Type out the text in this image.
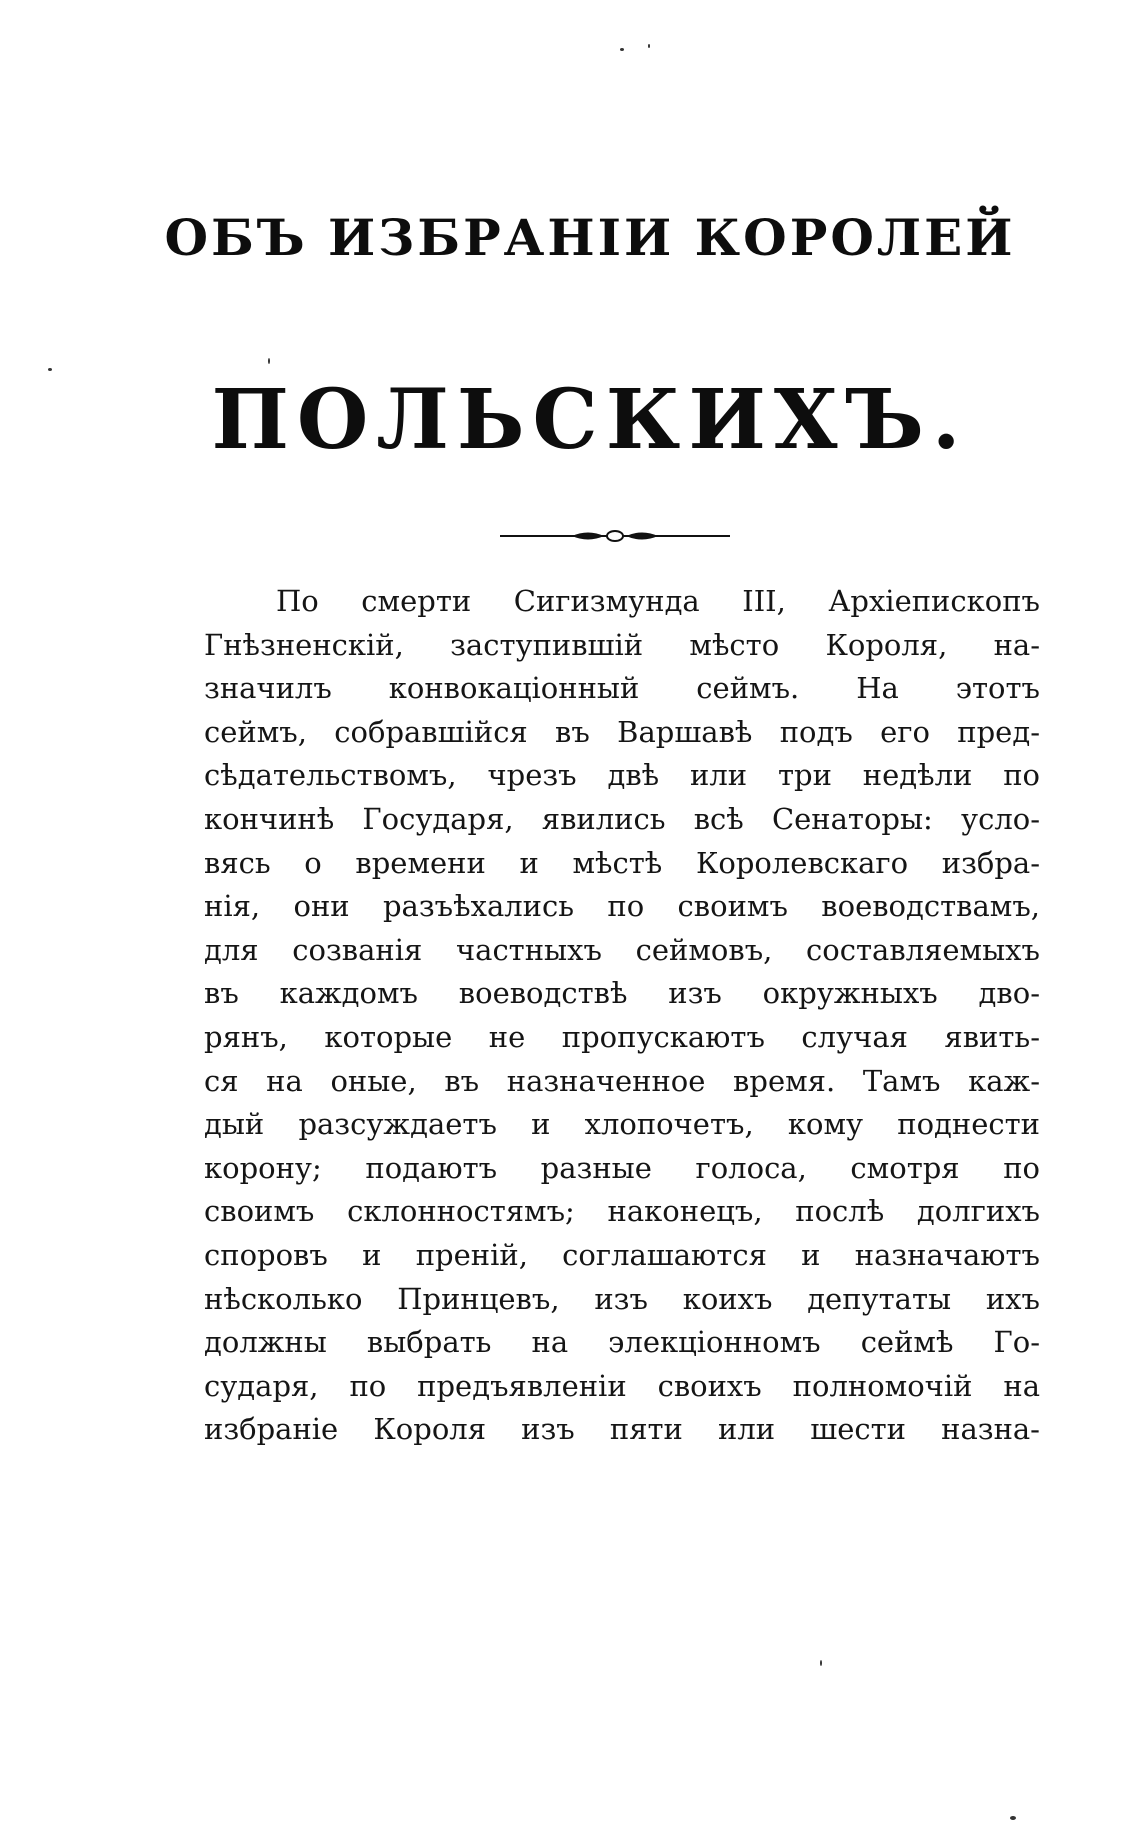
ОБЪ ИЗБРАНІИ КОРОЛЕЙ
ПОЛЬСКИХЪ.
По смерти Сигизмунда III, Архіепископъ
Гнѣзненскій, заступившій мѣсто Короля, на-
значилъ конвокаціонный сеймъ. На этотъ
сеймъ, собравшійся въ Варшавѣ подъ его пред-
сѣдательствомъ, чрезъ двѣ или три недѣли по
кончинѣ Государя, явились всѣ Сенаторы: усло-
вясь о времени и мѣстѣ Королевскаго избра-
нія, они разъѣхались по своимъ воеводствамъ,
для созванія частныхъ сеймовъ, составляемыхъ
въ каждомъ воеводствѣ изъ окружныхъ дво-
рянъ, которые не пропускаютъ случая явить-
ся на оные, въ назначенное время. Тамъ каж-
дый разсуждаетъ и хлопочетъ, кому поднести
корону; подаютъ разные голоса, смотря по
своимъ склонностямъ; наконецъ, послѣ долгихъ
споровъ и преній, соглашаются и назначаютъ
нѣсколько Принцевъ, изъ коихъ депутаты ихъ
должны выбрать на элекціонномъ сеймѣ Го-
сударя, по предъявленіи своихъ полномочій на
избраніе Короля изъ пяти или шести назна-
